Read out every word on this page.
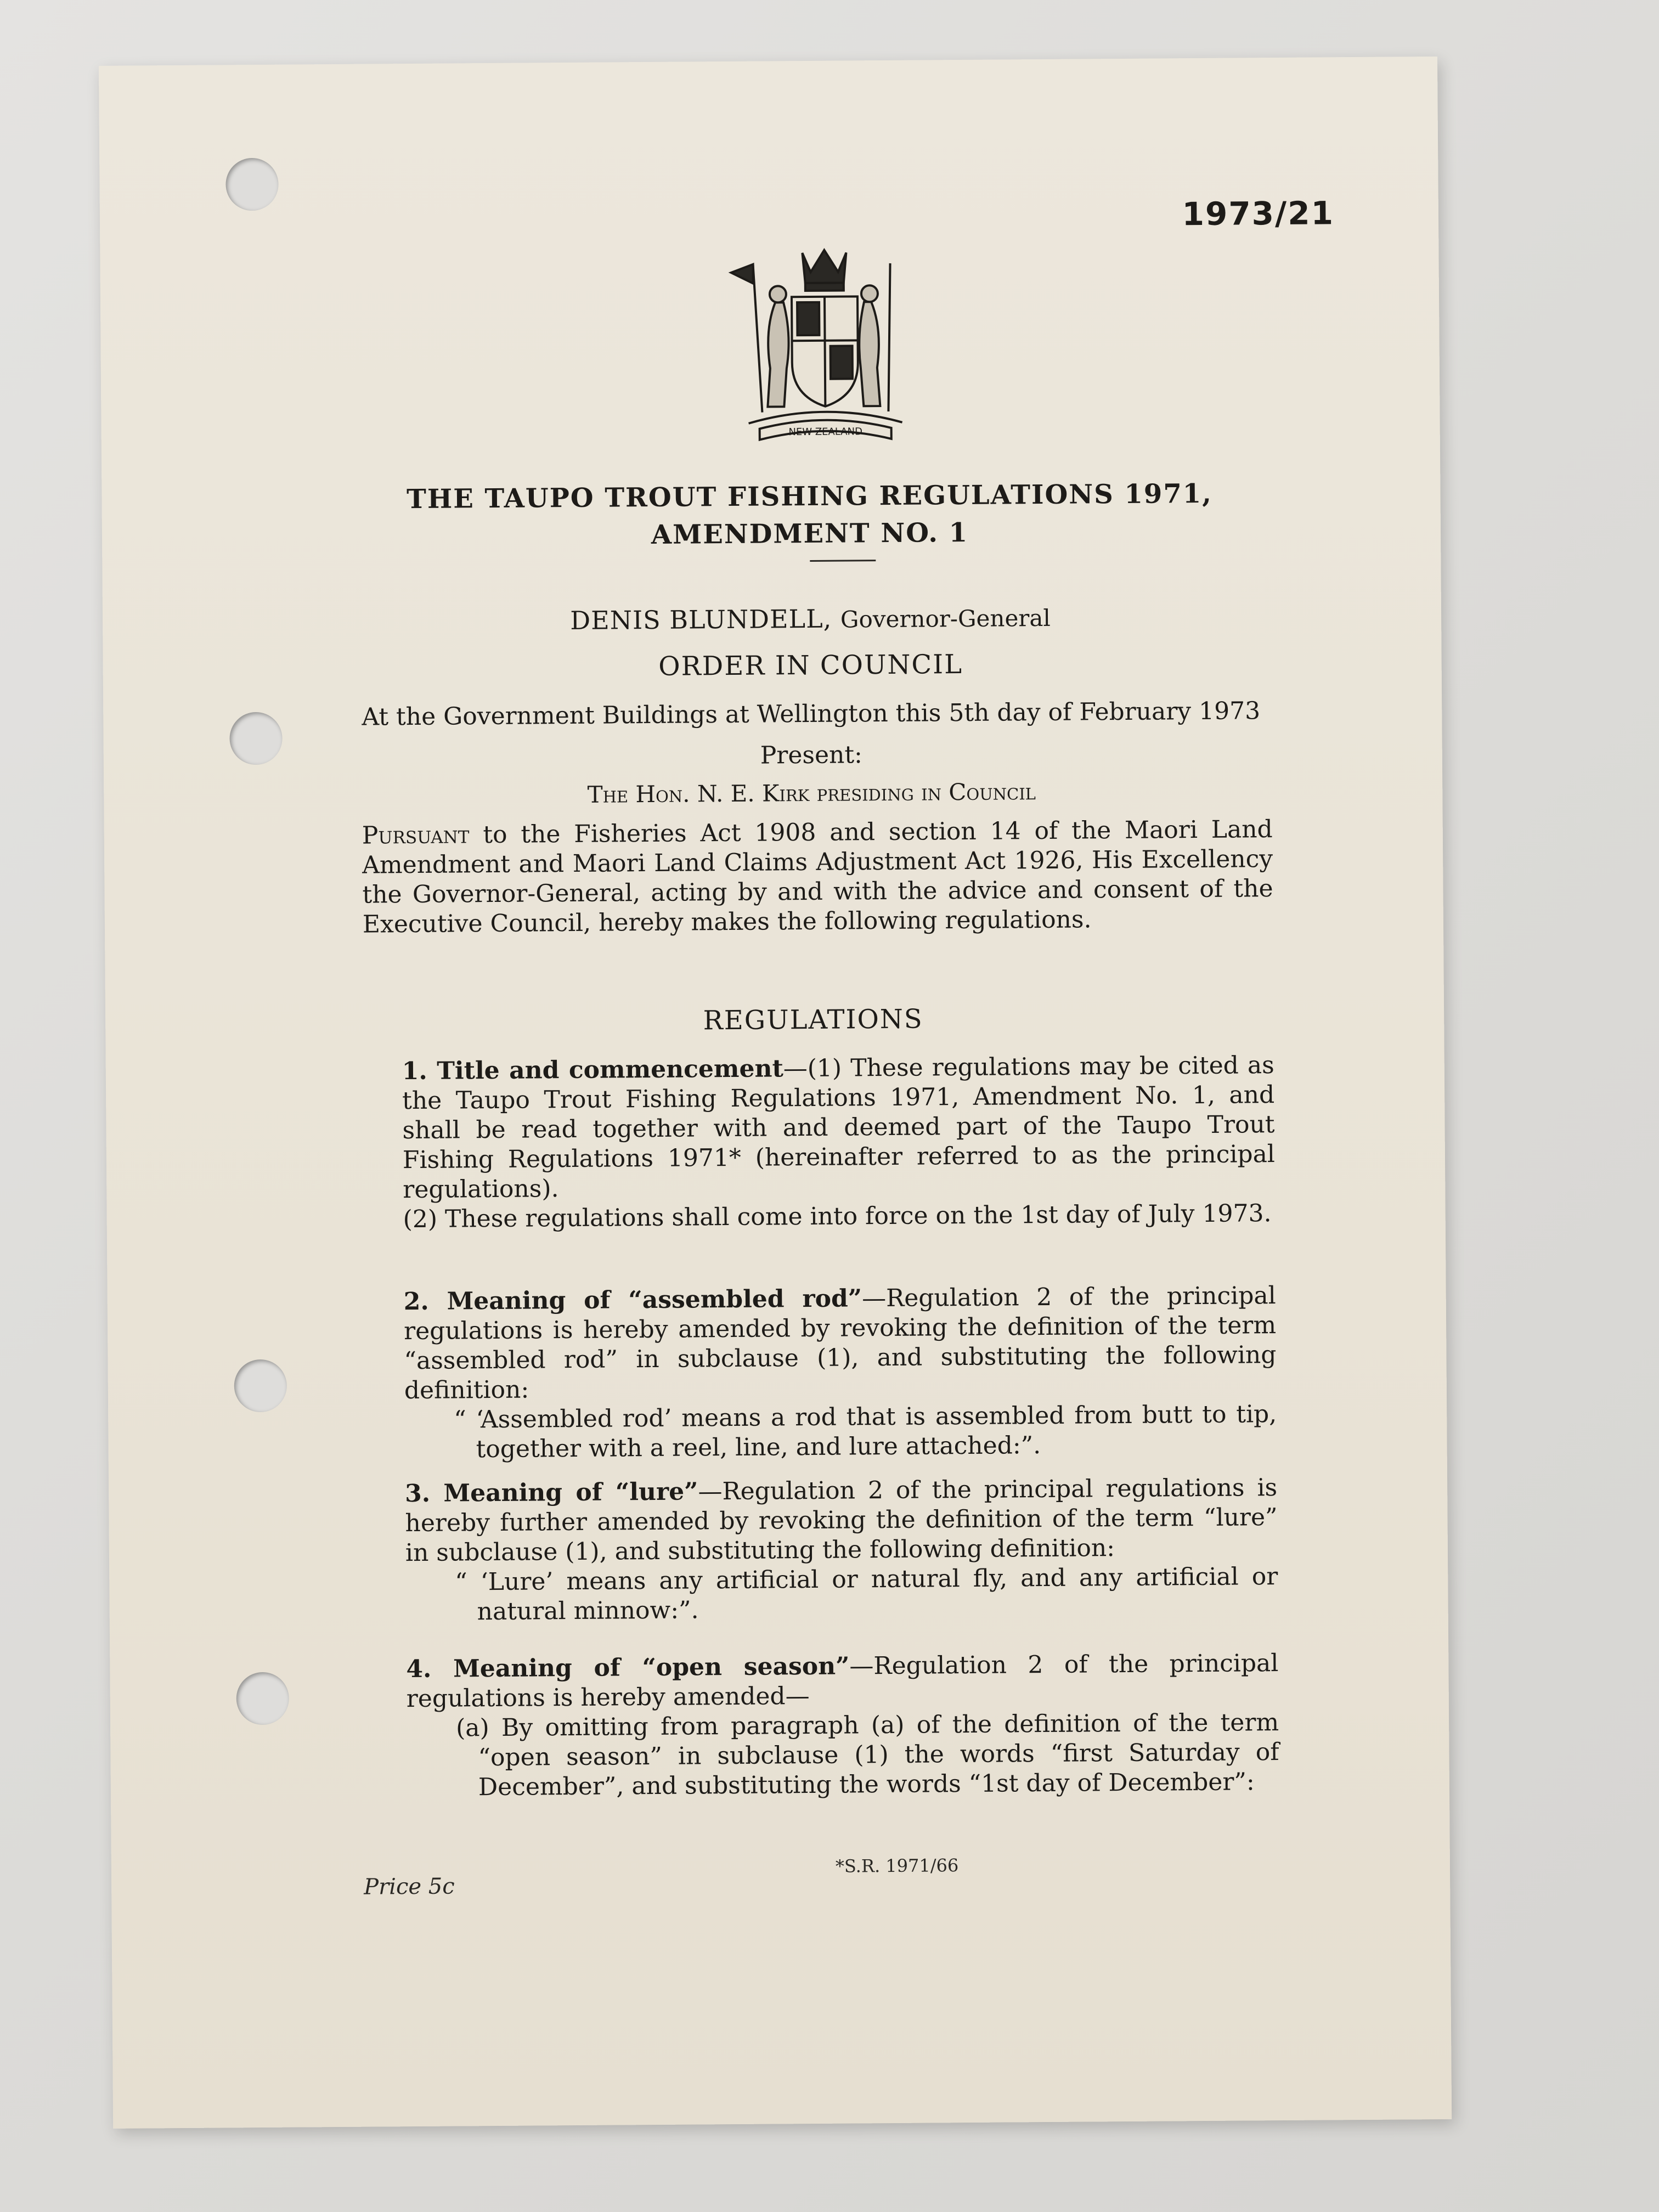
1973/21
NEW ZEALAND
THE TAUPO TROUT FISHING REGULATIONS 1971,
AMENDMENT NO. 1
DENIS BLUNDELL, Governor-General
ORDER IN COUNCIL
At the Government Buildings at Wellington this 5th day of February 1973
Present:
The Hon. N. E. Kirk presiding in Council
Pursuant to the Fisheries Act 1908 and section 14 of the Maori Land Amendment and Maori Land Claims Adjustment Act 1926, His Excellency the Governor-General, acting by and with the advice and consent of the Executive Council, hereby makes the following regulations.
REGULATIONS
1. Title and commencement—(1) These regulations may be cited as the Taupo Trout Fishing Regulations 1971, Amendment No. 1, and shall be read together with and deemed part of the Taupo Trout Fishing Regulations 1971* (hereinafter referred to as the principal regulations).
(2) These regulations shall come into force on the 1st day of July 1973.
2. Meaning of “assembled rod”—Regulation 2 of the principal regulations is hereby amended by revoking the definition of the term “assembled rod” in subclause (1), and substituting the following definition:
“ ‘Assembled rod’ means a rod that is assembled from butt to tip, together with a reel, line, and lure attached:”.
3. Meaning of “lure”—Regulation 2 of the principal regulations is hereby further amended by revoking the definition of the term “lure” in subclause (1), and substituting the following definition:
“ ‘Lure’ means any artificial or natural fly, and any artificial or natural minnow:”.
4. Meaning of “open season”—Regulation 2 of the principal regulations is hereby amended—
(a) By omitting from paragraph (a) of the definition of the term “open season” in subclause (1) the words “first Saturday of December”, and substituting the words “1st day of December”:
*S.R. 1971/66
Price 5c
